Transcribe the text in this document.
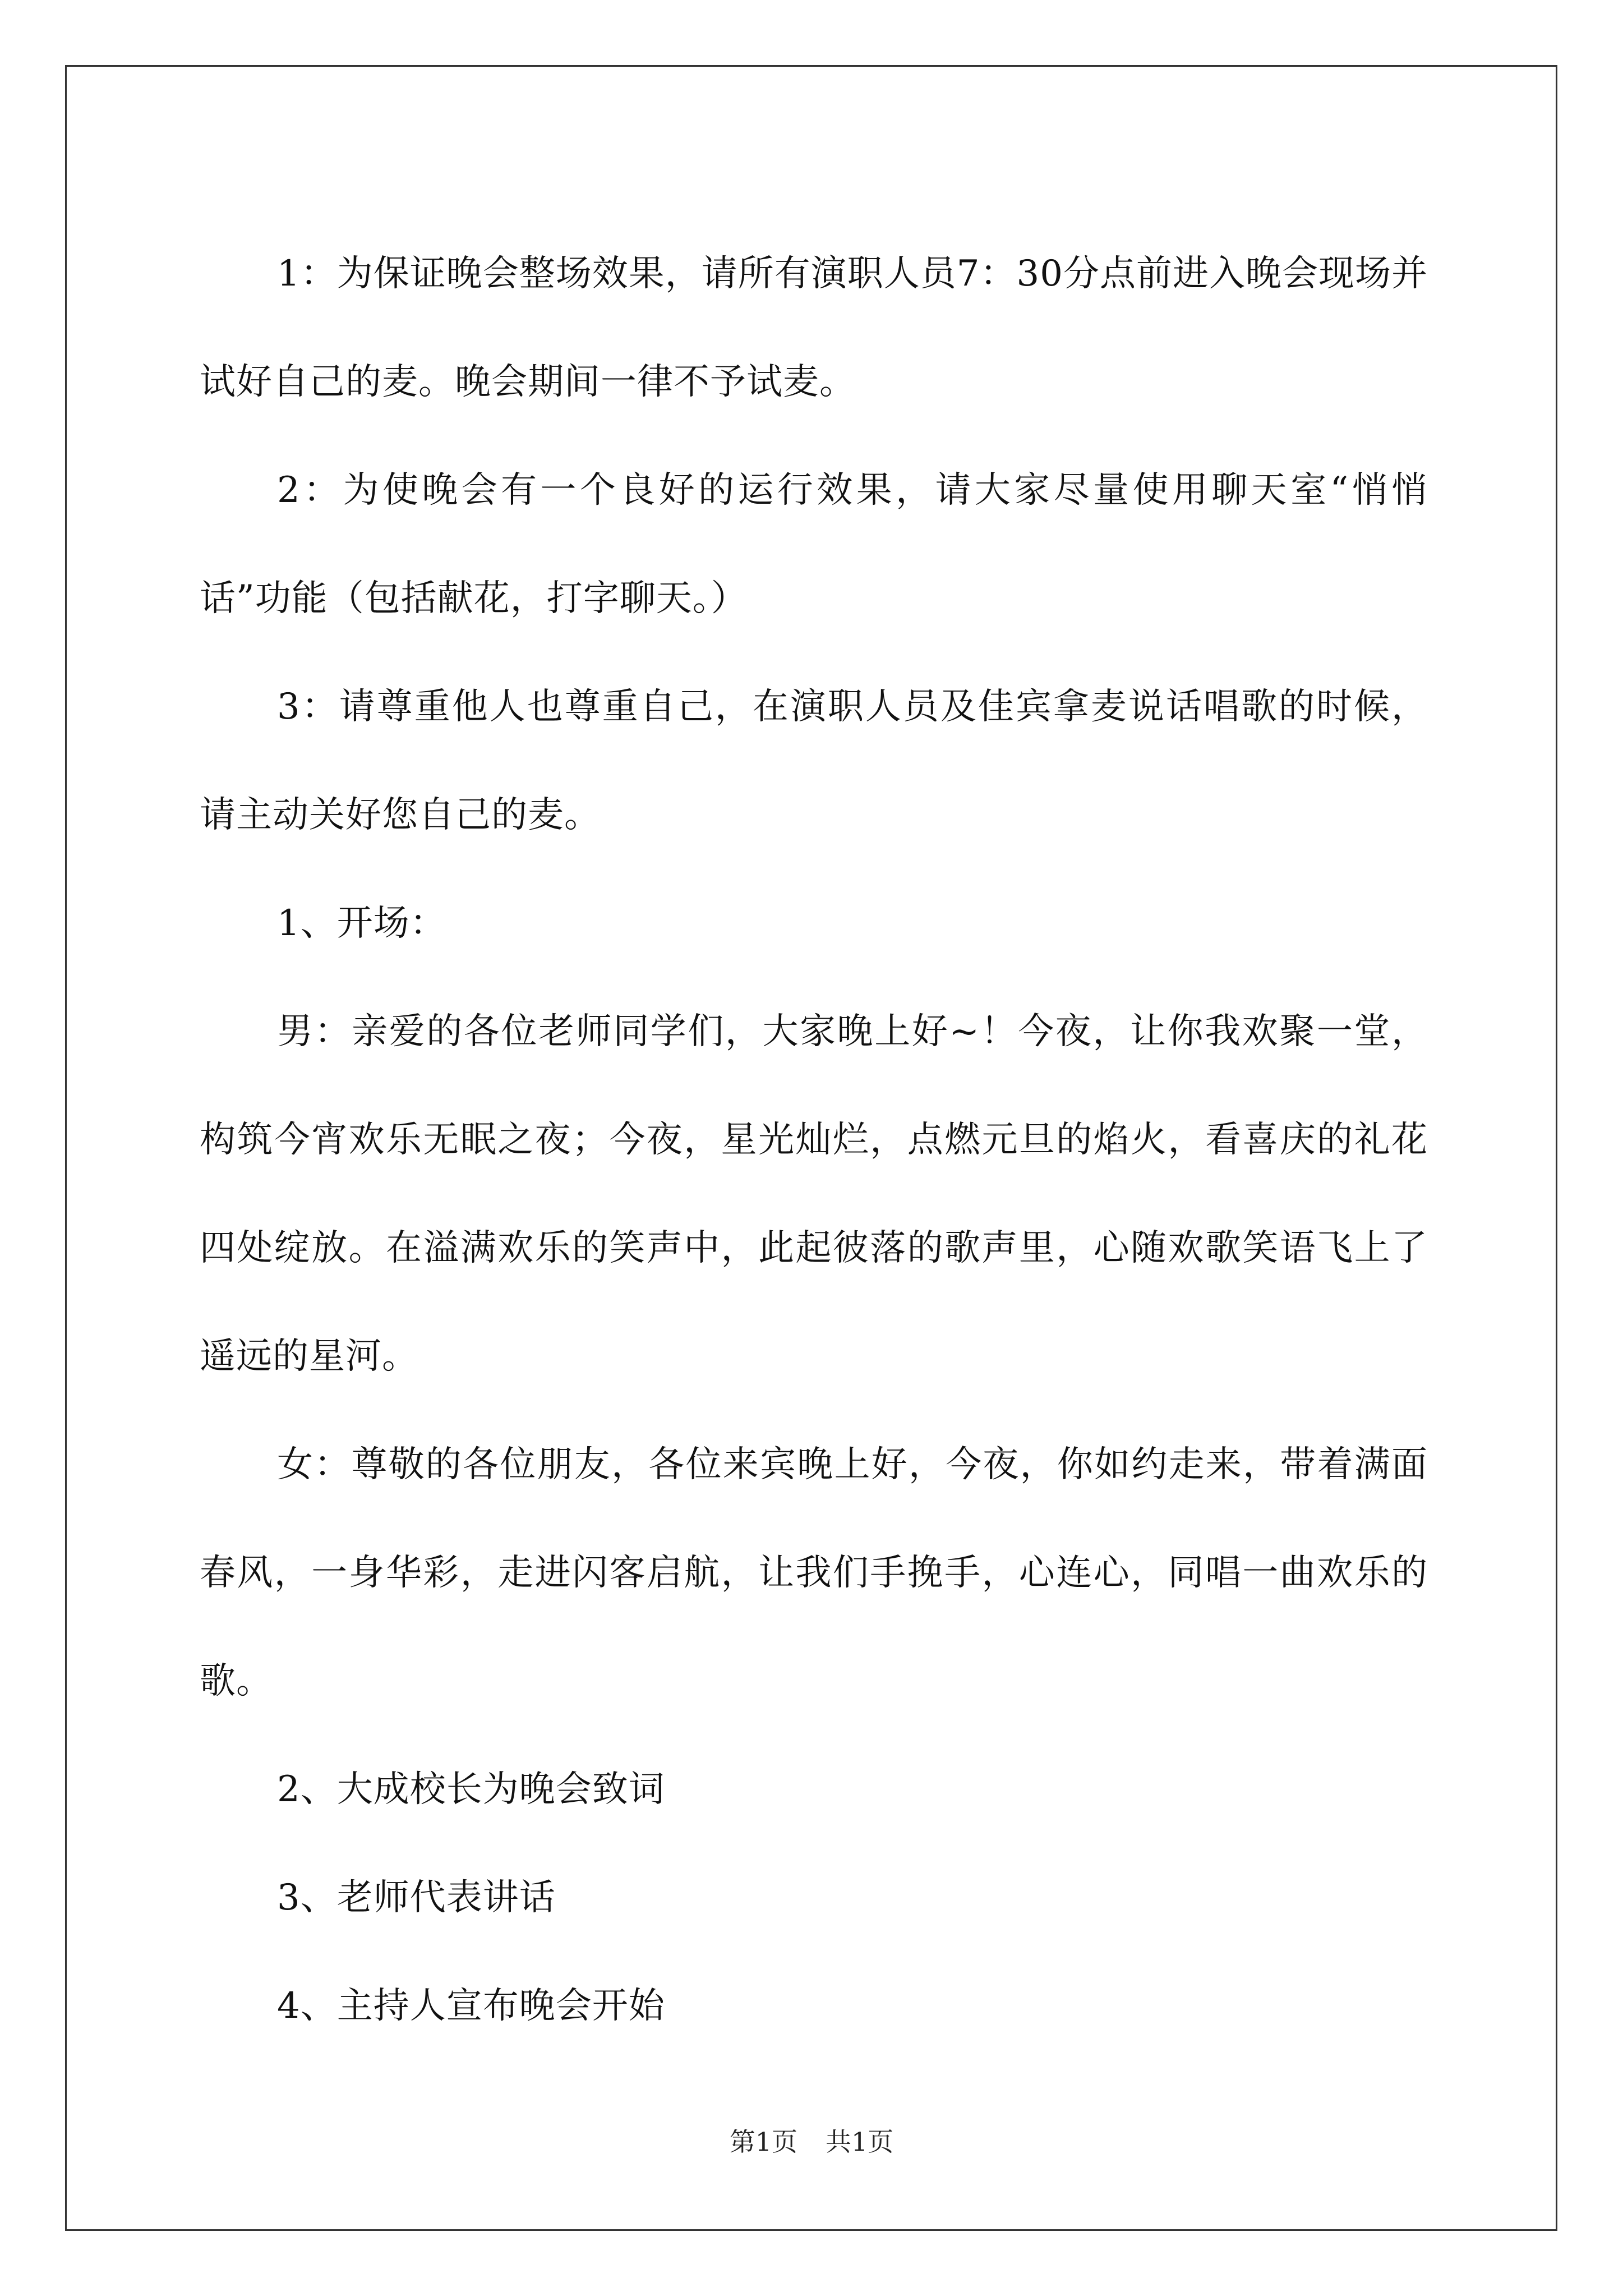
1：为保证晚会整场效果，请所有演职人员7：30分点前进入晚会现场并试好自己的麦。晚会期间一律不予试麦。

2：为使晚会有一个良好的运行效果，请大家尽量使用聊天室“悄悄话”功能（包括献花，打字聊天。）

3：请尊重他人也尊重自己，在演职人员及佳宾拿麦说话唱歌的时候，请主动关好您自己的麦。

1、开场：

男：亲爱的各位老师同学们，大家晚上好~！今夜，让你我欢聚一堂，构筑今宵欢乐无眠之夜；今夜，星光灿烂，点燃元旦的焰火，看喜庆的礼花四处绽放。在溢满欢乐的笑声中，此起彼落的歌声里，心随欢歌笑语飞上了遥远的星河。

女：尊敬的各位朋友，各位来宾晚上好，今夜，你如约走来，带着满面春风，一身华彩，走进闪客启航，让我们手挽手，心连心，同唱一曲欢乐的歌。

2、大成校长为晚会致词

3、老师代表讲话

4、主持人宣布晚会开始

第1页 共1页
